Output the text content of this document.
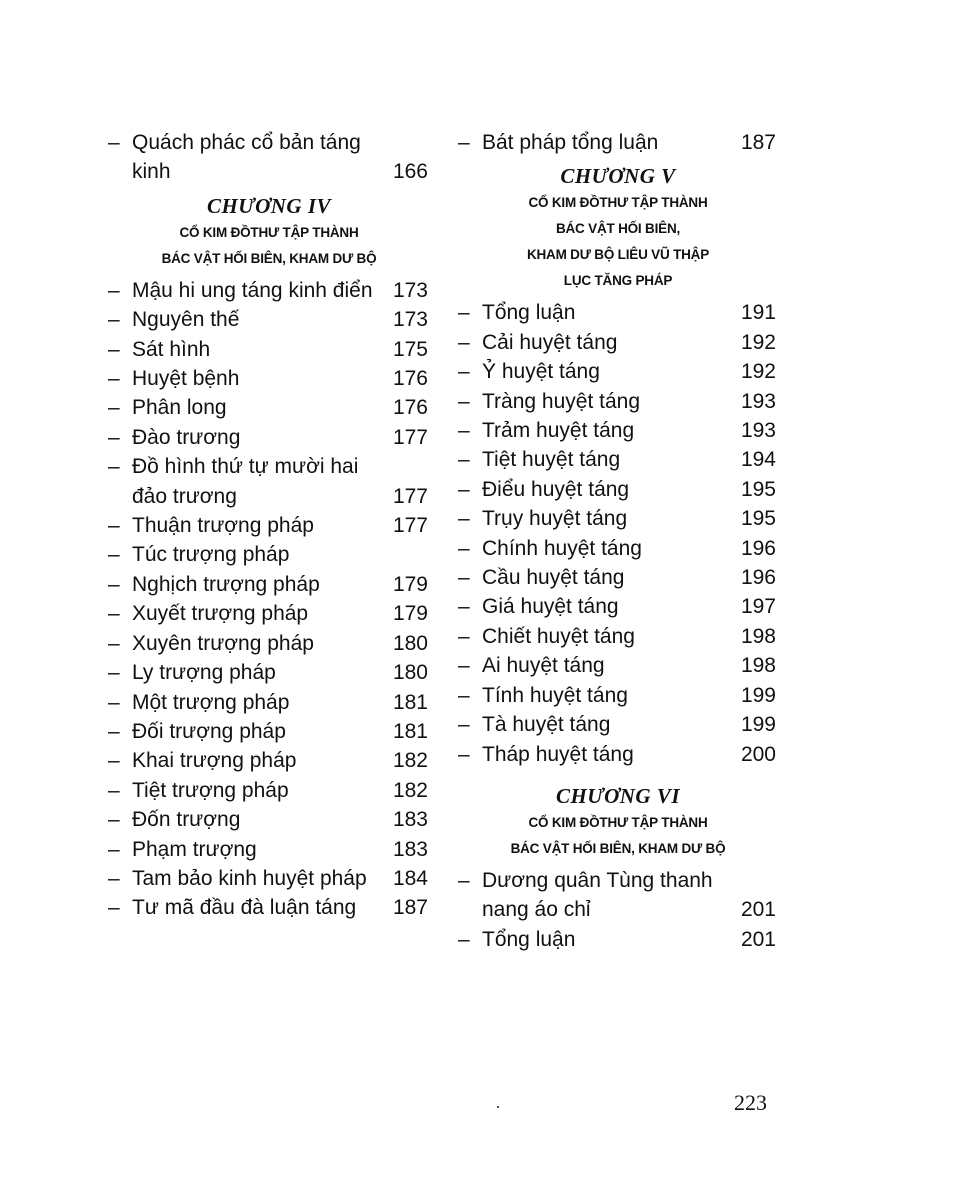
– Quách phác cổ bản táng kinh	166
CHƯƠNG IV
CỔ KIM ĐỒTHƯ TẬP THÀNH
BÁC VẬT HỐI BIÊN, KHAM DƯ BỘ
– Mậu hi ung táng kinh điển 173
– Nguyên thế	173
– Sát hình	175
– Huyệt bệnh	176
– Phân long	176
– Đào trương	177
– Đồ hình thứ tự mười hai đảo trương	177
– Thuận trượng pháp	177
– Túc trượng pháp
– Nghịch trượng pháp	179
– Xuyết trượng pháp	179
– Xuyên trượng pháp	180
– Ly trượng pháp	180
– Một trượng pháp	181
– Đối trượng pháp	181
– Khai trượng pháp	182
– Tiệt trượng pháp	182
– Đốn trượng	183
– Phạm trượng	183
– Tam bảo kinh huyệt pháp	184
– Tư mã đầu đà luận táng	187
– Bát pháp tổng luận	187
CHƯƠNG V
CỔ KIM ĐỒTHƯ TẬP THÀNH
BÁC VẬT HỐI BIÊN,
KHAM DƯ BỘ LIÊU VŨ THẬP
LỤC TĂNG PHÁP
– Tổng luận	191
– Cải huyệt táng	192
– Ỷ huyệt táng	192
– Tràng huyệt táng	193
– Trảm huyệt táng	193
– Tiệt huyệt táng	194
– Điểu huyệt táng	195
– Trụy huyệt táng	195
– Chính huyệt táng	196
– Cầu huyệt táng	196
– Giá huyệt táng	197
– Chiết huyệt táng	198
– Ai huyệt táng	198
– Tính huyệt táng	199
– Tà huyệt táng	199
– Tháp huyệt táng	200
CHƯƠNG VI
CỔ KIM ĐỒTHƯ TẬP THÀNH
BÁC VẬT HỐI BIÊN, KHAM DƯ BỘ
– Dương quân Tùng thanh nang áo chỉ	201
– Tổng luận	201
223
